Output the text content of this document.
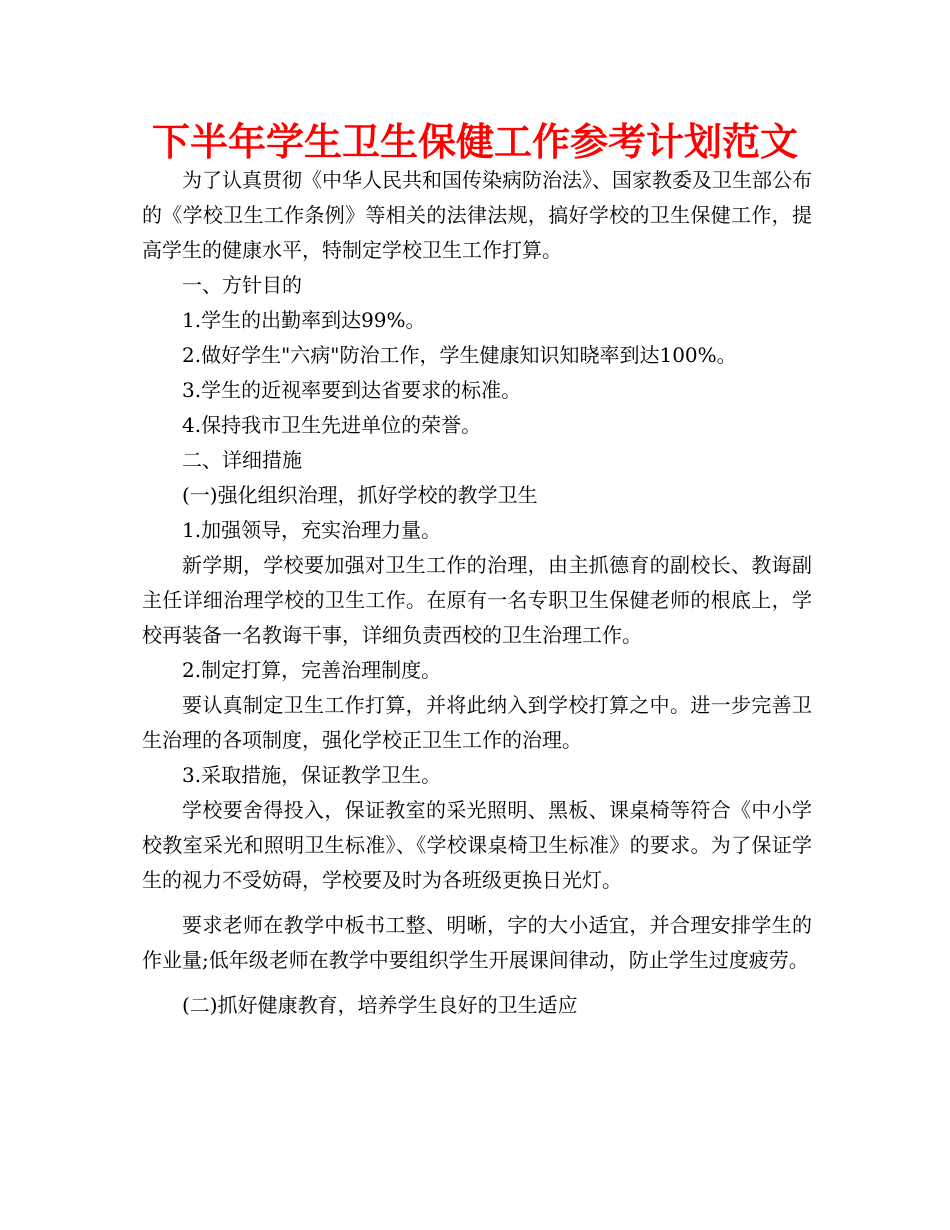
下半年学生卫生保健工作参考计划范文

为了认真贯彻《中华人民共和国传染病防治法》、国家教委及卫生部公布的《学校卫生工作条例》等相关的法律法规，搞好学校的卫生保健工作，提高学生的健康水平，特制定学校卫生工作打算。

一、方针目的

1.学生的出勤率到达99%。

2.做好学生"六病"防治工作，学生健康知识知晓率到达100%。

3.学生的近视率要到达省要求的标准。

4.保持我市卫生先进单位的荣誉。

二、详细措施

(一)强化组织治理，抓好学校的教学卫生

1.加强领导，充实治理力量。

新学期，学校要加强对卫生工作的治理，由主抓德育的副校长、教诲副主任详细治理学校的卫生工作。在原有一名专职卫生保健老师的根底上，学校再装备一名教诲干事，详细负责西校的卫生治理工作。

2.制定打算，完善治理制度。

要认真制定卫生工作打算，并将此纳入到学校打算之中。进一步完善卫生治理的各项制度，强化学校正卫生工作的治理。

3.采取措施，保证教学卫生。

学校要舍得投入，保证教室的采光照明、黑板、课桌椅等符合《中小学校教室采光和照明卫生标准》、《学校课桌椅卫生标准》的要求。为了保证学生的视力不受妨碍，学校要及时为各班级更换日光灯。

要求老师在教学中板书工整、明晰，字的大小适宜，并合理安排学生的作业量;低年级老师在教学中要组织学生开展课间律动，防止学生过度疲劳。

(二)抓好健康教育，培养学生良好的卫生适应
